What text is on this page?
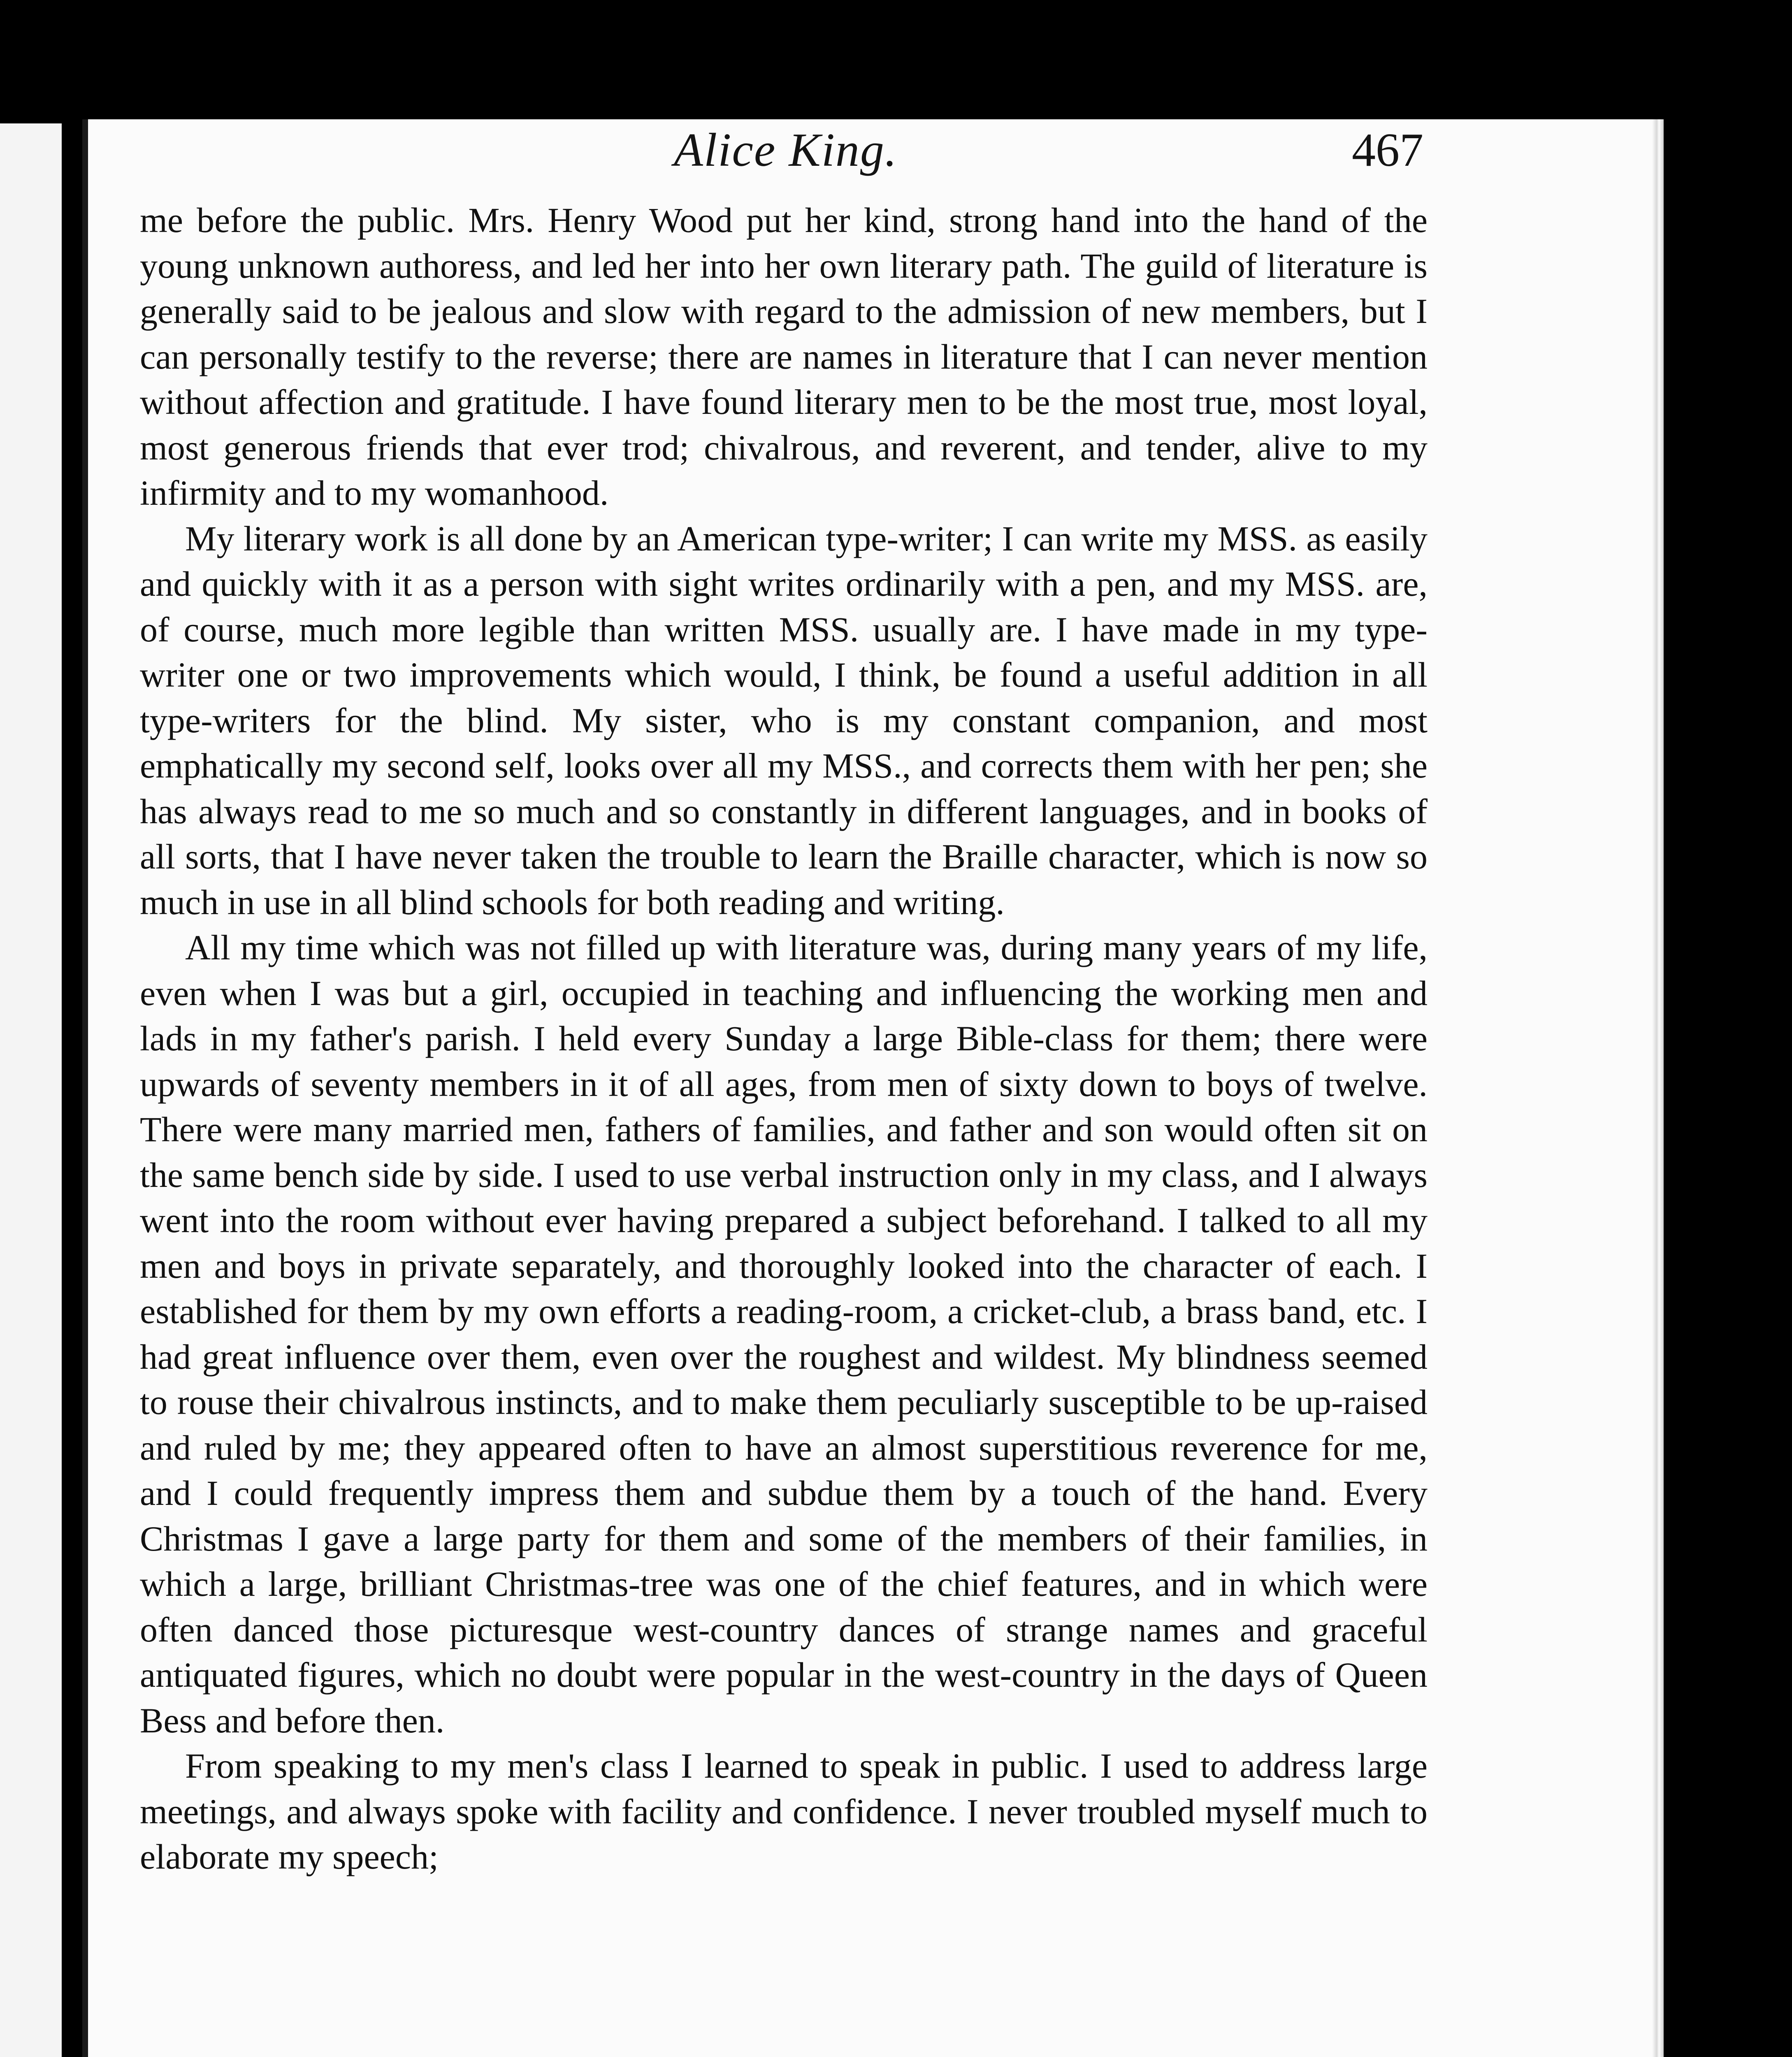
Alice King.	467

me before the public. Mrs. Henry Wood put her kind, strong hand into the hand of the young unknown authoress, and led her into her own literary path. The guild of literature is generally said to be jealous and slow with regard to the admission of new members, but I can personally testify to the reverse; there are names in literature that I can never mention without affection and gratitude. I have found literary men to be the most true, most loyal, most generous friends that ever trod; chivalrous, and reverent, and tender, alive to my infirmity and to my womanhood.

My literary work is all done by an American type-writer; I can write my MSS. as easily and quickly with it as a person with sight writes ordinarily with a pen, and my MSS. are, of course, much more legible than written MSS. usually are. I have made in my type-writer one or two improvements which would, I think, be found a useful addition in all type-writers for the blind. My sister, who is my constant companion, and most emphatically my second self, looks over all my MSS., and corrects them with her pen; she has always read to me so much and so constantly in different languages, and in books of all sorts, that I have never taken the trouble to learn the Braille character, which is now so much in use in all blind schools for both reading and writing.

All my time which was not filled up with literature was, during many years of my life, even when I was but a girl, occupied in teaching and influencing the working men and lads in my father's parish. I held every Sunday a large Bible-class for them; there were upwards of seventy members in it of all ages, from men of sixty down to boys of twelve. There were many married men, fathers of families, and father and son would often sit on the same bench side by side. I used to use verbal instruction only in my class, and I always went into the room without ever having prepared a subject beforehand. I talked to all my men and boys in private separately, and thoroughly looked into the character of each. I established for them by my own efforts a reading-room, a cricket-club, a brass band, etc. I had great influence over them, even over the roughest and wildest. My blindness seemed to rouse their chivalrous instincts, and to make them peculiarly susceptible to be up-raised and ruled by me; they appeared often to have an almost superstitious reverence for me, and I could frequently impress them and subdue them by a touch of the hand. Every Christmas I gave a large party for them and some of the members of their families, in which a large, brilliant Christmas-tree was one of the chief features, and in which were often danced those picturesque west-country dances of strange names and graceful antiquated figures, which no doubt were popular in the west-country in the days of Queen Bess and before then.

From speaking to my men's class I learned to speak in public. I used to address large meetings, and always spoke with facility and confidence. I never troubled myself much to elaborate my speech;
